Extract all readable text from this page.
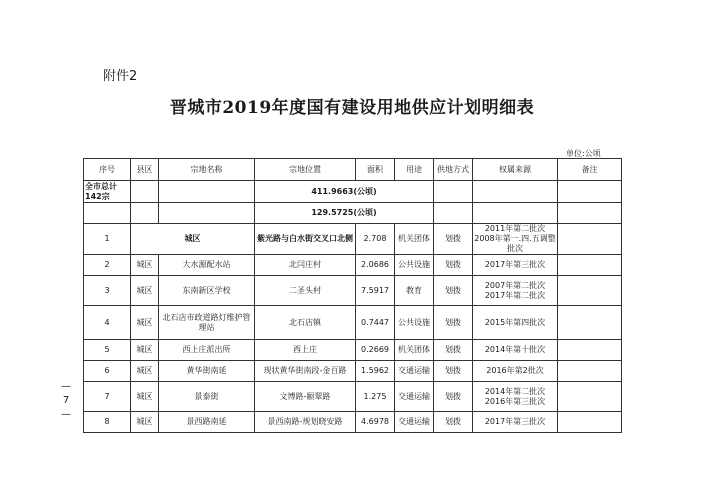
附件2
晋城市2019年度国有建设用地供应计划明细表
单位:公顷
— 7 —
序号	县区	宗地名称	宗地位置	面积	用途	供地方式	权属来源	备注
全市总计142宗			411.9663(公顷)					
			129.5725(公顷)					
1	城区		紫光路与白水街交叉口北侧	2.708	机关团体	划拨	2011年第二批次 2008年第一.四.五调整批次	
2	城区	大水源配水站	北闫庄村	2.0686	公共设施	划拨	2017年第三批次	
3	城区	东南新区学校	二圣头村	7.5917	教育	划拨	2007年第二批次 2017年第二批次	
4	城区	北石店市政道路灯维护管理站	北石店镇	0.7447	公共设施	划拨	2015年第四批次	
5	城区	西上庄派出所	西上庄	0.2669	机关团体	划拨	2014年第十批次	
6	城区	黄华街南延	现状黄华街南段-金百路	1.5962	交通运输	划拨	2016年第2批次	
7	城区	景泰街	文博路-颐翠路	1.275	交通运输	划拨	2014年第二批次 2016年第三批次	
8	城区	景西路南延	景西南路-规划晓安路	4.6978	交通运输	划拨	2017年第三批次	
